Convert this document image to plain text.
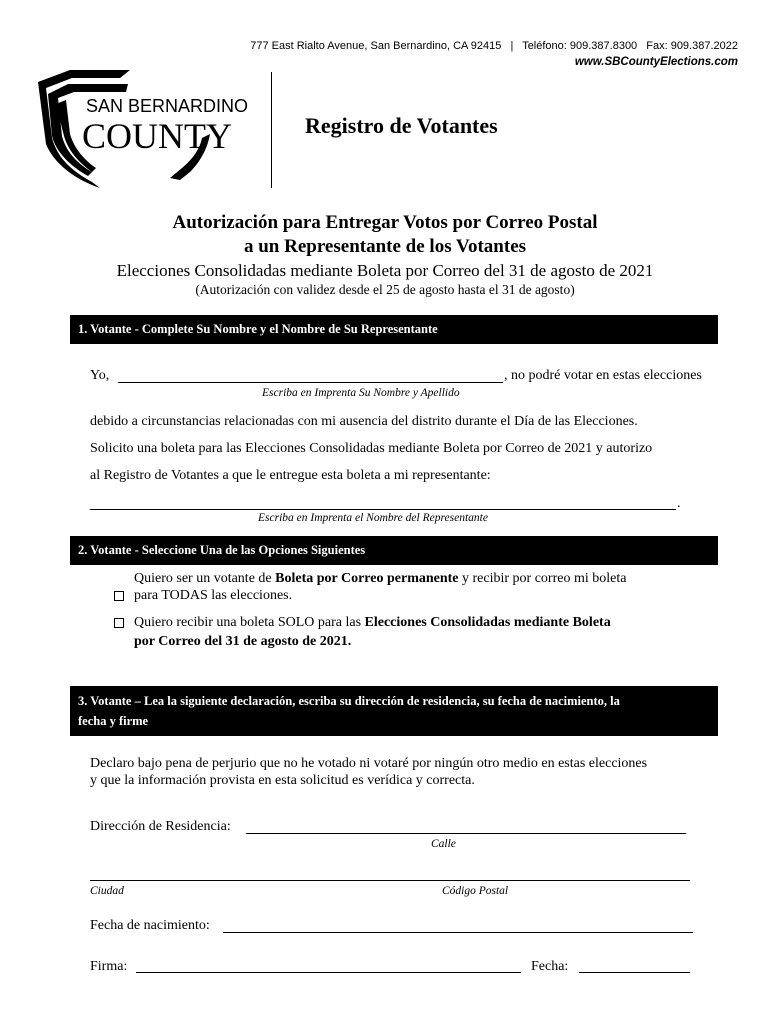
777 East Rialto Avenue, San Bernardino, CA 92415 | Teléfono: 909.387.8300 Fax: 909.387.2022
www.SBCountyElections.com
SAN BERNARDINO
COUNTY	Registro de Votantes
Autorización para Entregar Votos por Correo Postal
a un Representante de los Votantes
Elecciones Consolidadas mediante Boleta por Correo del 31 de agosto de 2021
(Autorización con validez desde el 25 de agosto hasta el 31 de agosto)
1. Votante - Complete Su Nombre y el Nombre de Su Representante
Yo,	, no podré votar en estas elecciones
Escriba en Imprenta Su Nombre y Apellido
debido a circunstancias relacionadas con mi ausencia del distrito durante el Día de las Elecciones.
Solicito una boleta para las Elecciones Consolidadas mediante Boleta por Correo de 2021 y autorizo
al Registro de Votantes a que le entregue esta boleta a mi representante:
.
Escriba en Imprenta el Nombre del Representante
2. Votante - Seleccione Una de las Opciones Siguientes
Quiero ser un votante de Boleta por Correo permanente y recibir por correo mi boleta
para TODAS las elecciones.
Quiero recibir una boleta SOLO para las Elecciones Consolidadas mediante Boleta
por Correo del 31 de agosto de 2021.
3. Votante – Lea la siguiente declaración, escriba su dirección de residencia, su fecha de nacimiento, la
fecha y firme
Declaro bajo pena de perjurio que no he votado ni votaré por ningún otro medio en estas elecciones
y que la información provista en esta solicitud es verídica y correcta.
Dirección de Residencia:
Calle
Ciudad	Código Postal
Fecha de nacimiento:
Firma:	Fecha:
